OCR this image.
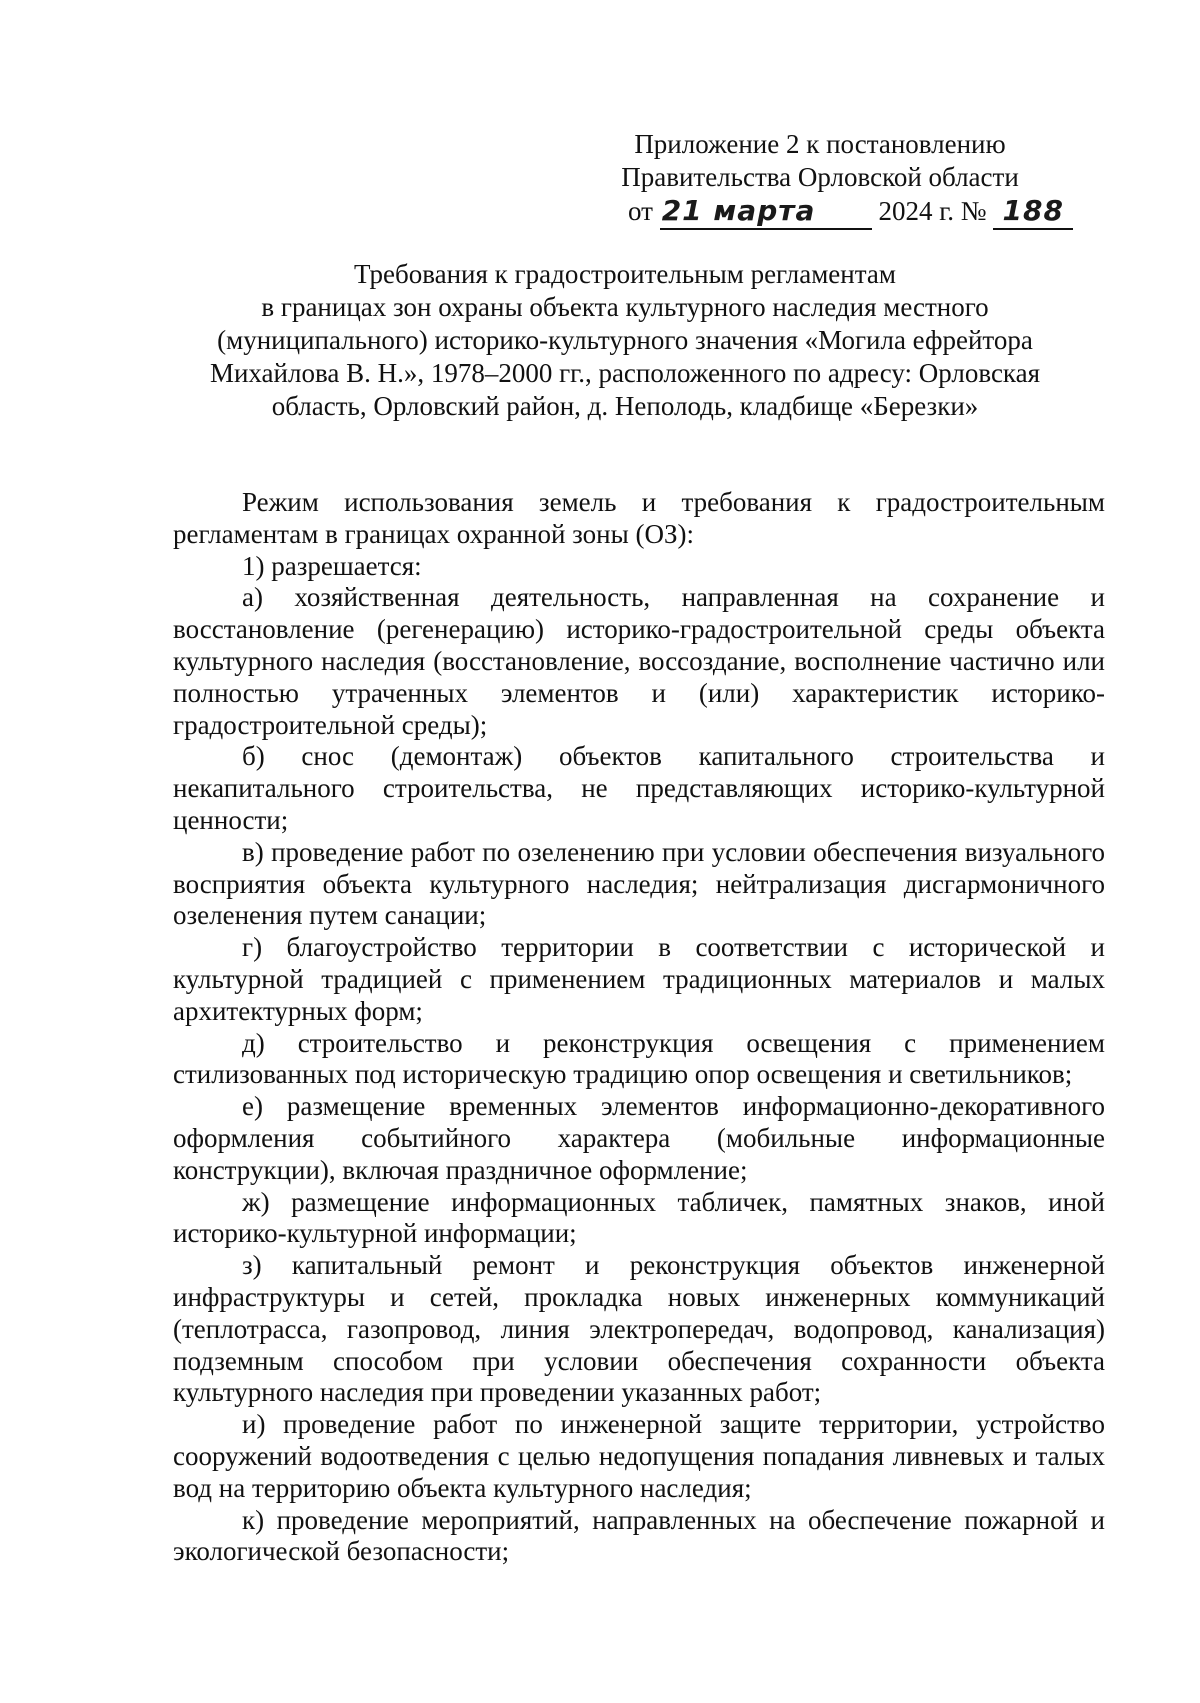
Приложение 2 к постановлению
Правительства Орловской области
от 21 марта 2024 г. № 188
Требования к градостроительным регламентам
в границах зон охраны объекта культурного наследия местного
(муниципального) историко-культурного значения «Могила ефрейтора
Михайлова В. Н.», 1978–2000 гг., расположенного по адресу: Орловская
область, Орловский район, д. Неполодь, кладбище «Березки»

Режим использования земель и требования к градостроительным регламентам в границах охранной зоны (ОЗ):

1) разрешается:

а) хозяйственная деятельность, направленная на сохранение и восстановление (регенерацию) историко-градостроительной среды объекта культурного наследия (восстановление, воссоздание, восполнение частично или полностью утраченных элементов и (или) характеристик историко-градостроительной среды);

б) снос (демонтаж) объектов капитального строительства и некапитального строительства, не представляющих историко-культурной ценности;

в) проведение работ по озеленению при условии обеспечения визуального восприятия объекта культурного наследия; нейтрализация дисгармоничного озеленения путем санации;

г) благоустройство территории в соответствии с исторической и культурной традицией с применением традиционных материалов и малых архитектурных форм;

д) строительство и реконструкция освещения с применением стилизованных под историческую традицию опор освещения и светильников;

е) размещение временных элементов информационно-декоративного оформления событийного характера (мобильные информационные конструкции), включая праздничное оформление;

ж) размещение информационных табличек, памятных знаков, иной историко-культурной информации;

з) капитальный ремонт и реконструкция объектов инженерной инфраструктуры и сетей, прокладка новых инженерных коммуникаций (теплотрасса, газопровод, линия электропередач, водопровод, канализация) подземным способом при условии обеспечения сохранности объекта культурного наследия при проведении указанных работ;

и) проведение работ по инженерной защите территории, устройство сооружений водоотведения с целью недопущения попадания ливневых и талых вод на территорию объекта культурного наследия;

к) проведение мероприятий, направленных на обеспечение пожарной и экологической безопасности;
